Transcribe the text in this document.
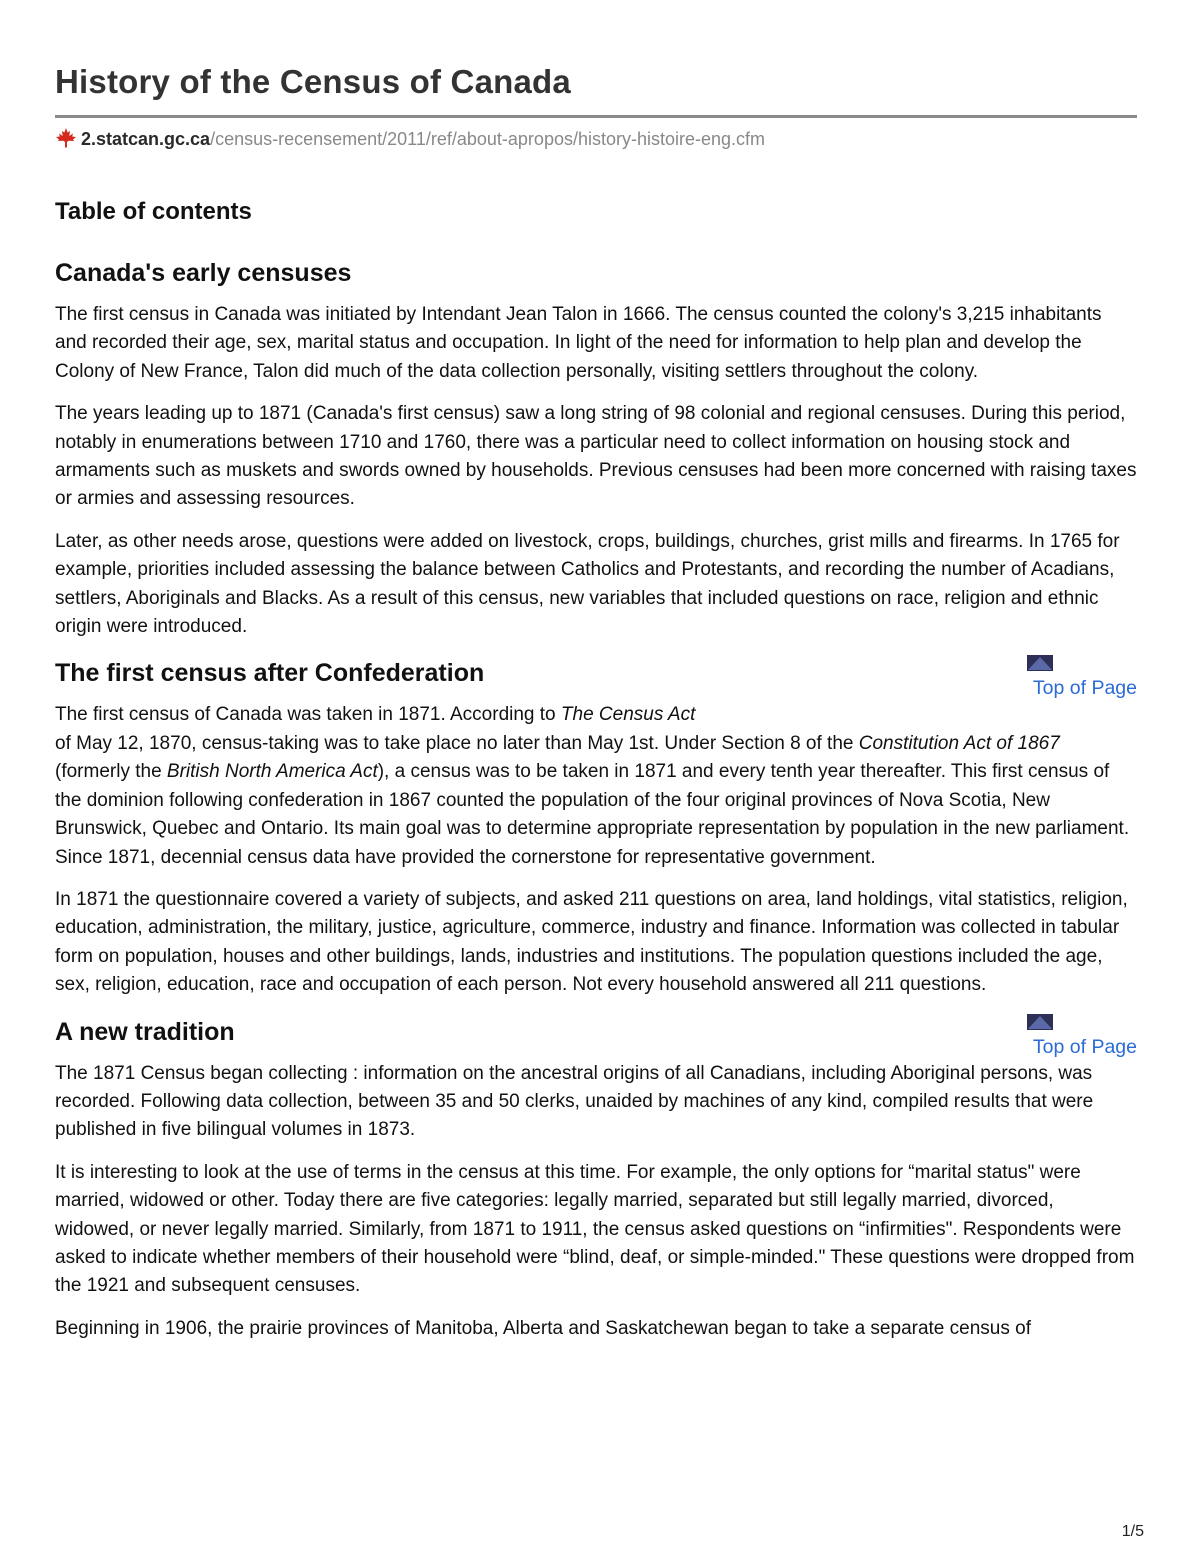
History of the Census of Canada
2.statcan.gc.ca/census-recensement/2011/ref/about-apropos/history-histoire-eng.cfm
Table of contents
Canada's early censuses

The first census in Canada was initiated by Intendant Jean Talon in 1666. The census counted the colony's 3,215 inhabitants and recorded their age, sex, marital status and occupation. In light of the need for information to help plan and develop the Colony of New France, Talon did much of the data collection personally, visiting settlers throughout the colony.

The years leading up to 1871 (Canada's first census) saw a long string of 98 colonial and regional censuses. During this period, notably in enumerations between 1710 and 1760, there was a particular need to collect information on housing stock and armaments such as muskets and swords owned by households. Previous censuses had been more concerned with raising taxes or armies and assessing resources.

Later, as other needs arose, questions were added on livestock, crops, buildings, churches, grist mills and firearms. In 1765 for example, priorities included assessing the balance between Catholics and Protestants, and recording the number of Acadians, settlers, Aboriginals and Blacks. As a result of this census, new variables that included questions on race, religion and ethnic origin were introduced.

The first census after Confederation
Top of Page

The first census of Canada was taken in 1871. According to The Census Act

of May 12, 1870, census-taking was to take place no later than May 1st. Under Section 8 of the Constitution Act of 1867 (formerly the British North America Act), a census was to be taken in 1871 and every tenth year thereafter. This first census of the dominion following confederation in 1867 counted the population of the four original provinces of Nova Scotia, New Brunswick, Quebec and Ontario. Its main goal was to determine appropriate representation by population in the new parliament. Since 1871, decennial census data have provided the cornerstone for representative government.

In 1871 the questionnaire covered a variety of subjects, and asked 211 questions on area, land holdings, vital statistics, religion, education, administration, the military, justice, agriculture, commerce, industry and finance. Information was collected in tabular form on population, houses and other buildings, lands, industries and institutions. The population questions included the age, sex, religion, education, race and occupation of each person. Not every household answered all 211 questions.

A new tradition
Top of Page

The 1871 Census began collecting : information on the ancestral origins of all Canadians, including Aboriginal persons, was recorded. Following data collection, between 35 and 50 clerks, unaided by machines of any kind, compiled results that were published in five bilingual volumes in 1873.

It is interesting to look at the use of terms in the census at this time. For example, the only options for “marital status" were married, widowed or other. Today there are five categories: legally married, separated but still legally married, divorced, widowed, or never legally married. Similarly, from 1871 to 1911, the census asked questions on “infirmities". Respondents were asked to indicate whether members of their household were “blind, deaf, or simple-minded." These questions were dropped from the 1921 and subsequent censuses.

Beginning in 1906, the prairie provinces of Manitoba, Alberta and Saskatchewan began to take a separate census of

1/5
